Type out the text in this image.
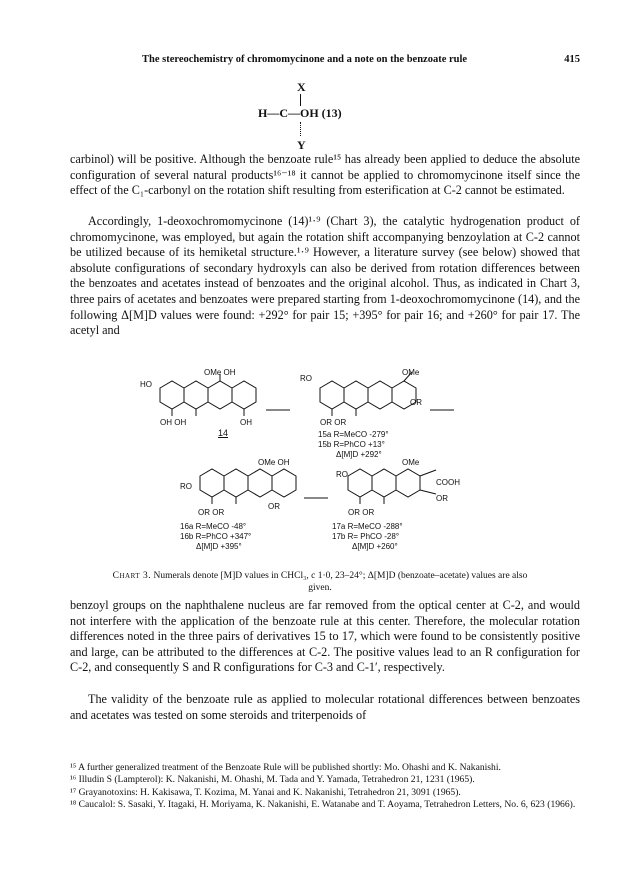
The stereochemistry of chromomycinone and a note on the benzoate rule	415
X
H—C—OH (13)
Y

carbinol) will be positive. Although the benzoate rule¹⁵ has already been applied to deduce the absolute configuration of several natural products¹⁶⁻¹⁸ it cannot be applied to chromomycinone itself since the effect of the C₁-carbonyl on the rotation shift resulting from esterification at C-2 cannot be estimated.

Accordingly, 1-deoxochromomycinone (14)¹·⁹ (Chart 3), the catalytic hydrogenation product of chromomycinone, was employed, but again the rotation shift accompanying benzoylation at C-2 cannot be utilized because of its hemiketal structure.¹·⁹ However, a literature survey (see below) showed that absolute configurations of secondary hydroxyls can also be derived from rotation differences between the benzoates and acetates instead of benzoates and the original alcohol. Thus, as indicated in Chart 3, three pairs of acetates and benzoates were prepared starting from 1-deoxochromomycinone (14), and the following Δ[M]D values were found: +292° for pair 15; +395° for pair 16; and +260° for pair 17. The acetyl and

OMe OH
OH OH	OH
HO
14
RO
OMe
OR
OR OR
15a R=MeCO -279°
15b R=PhCO +13°
Δ[M]D +292°
RO
OMe OH
OR
OR OR
16a R=MeCO -48°
16b R=PhCO +347°
Δ[M]D +395°
RO
OMe
COOH
OR
OR OR
17a R=MeCO -288°
17b R= PhCO -28°
Δ[M]D +260°
Chart 3. Numerals denote [M]D values in CHCl₃, c 1·0, 23–24°; Δ[M]D (benzoate–acetate) values are also given.

benzoyl groups on the naphthalene nucleus are far removed from the optical center at C-2, and would not interfere with the application of the benzoate rule at this center. Therefore, the molecular rotation differences noted in the three pairs of derivatives 15 to 17, which were found to be consistently positive and large, can be attributed to the differences at C-2. The positive values lead to an R configuration for C-2, and consequently S and R configurations for C-3 and C-1′, respectively.

The validity of the benzoate rule as applied to molecular rotational differences between benzoates and acetates was tested on some steroids and triterpenoids of

¹⁵ A further generalized treatment of the Benzoate Rule will be published shortly: Mo. Ohashi and K. Nakanishi.

¹⁶ Illudin S (Lampterol): K. Nakanishi, M. Ohashi, M. Tada and Y. Yamada, Tetrahedron 21, 1231 (1965).

¹⁷ Grayanotoxins: H. Kakisawa, T. Kozima, M. Yanai and K. Nakanishi, Tetrahedron 21, 3091 (1965).

¹⁸ Caucalol: S. Sasaki, Y. Itagaki, H. Moriyama, K. Nakanishi, E. Watanabe and T. Aoyama, Tetrahedron Letters, No. 6, 623 (1966).
